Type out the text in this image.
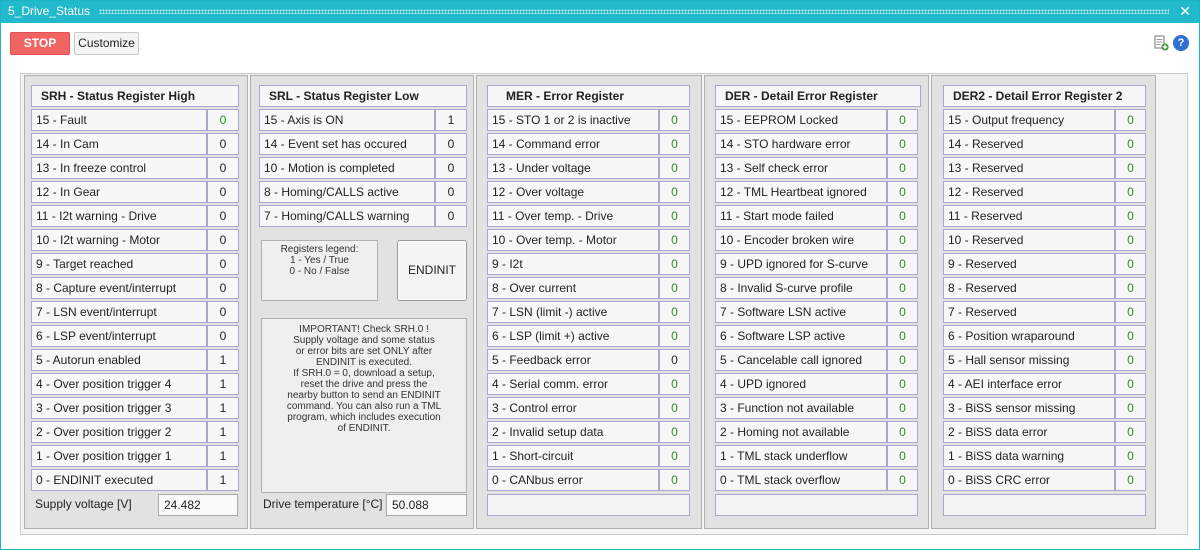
5_Drive_Status	✕
STOP	Customize	?
SRH - Status Register High
15 - Fault	0
14 - In Cam	0
13 - In freeze control	0
12 - In Gear	0
11 - I2t warning - Drive	0
10 - I2t warning - Motor	0
9 - Target reached	0
8 - Capture event/interrupt	0
7 - LSN event/interrupt	0
6 - LSP event/interrupt	0
5 - Autorun enabled	1
4 - Over position trigger 4	1
3 - Over position trigger 3	1
2 - Over position trigger 2	1
1 - Over position trigger 1	1
0 - ENDINIT executed	1
Supply voltage [V]	24.482
SRL - Status Register Low
15 - Axis is ON	1
14 - Event set has occured	0
10 - Motion is completed	0
8 - Homing/CALLS active	0
7 - Homing/CALLS warning	0
Registers legend:
1 - Yes / True
0 - No / False	ENDINIT
IMPORTANT! Check SRH.0 !
Supply voltage and some status
or error bits are set ONLY after
ENDINIT is executed.
If SRH.0 = 0, download a setup,
reset the drive and press the
nearby button to send an ENDINIT
command. You can also run a TML
program, which includes execution
of ENDINIT.
Drive temperature [°C] 50.088
MER - Error Register
15 - STO 1 or 2 is inactive	0
14 - Command error	0
13 - Under voltage	0
12 - Over voltage	0
11 - Over temp. - Drive	0
10 - Over temp. - Motor	0
9 - I2t	0
8 - Over current	0
7 - LSN (limit -) active	0
6 - LSP (limit +) active	0
5 - Feedback error	0
4 - Serial comm. error	0
3 - Control error	0
2 - Invalid setup data	0
1 - Short-circuit	0
0 - CANbus error	0
DER - Detail Error Register
15 - EEPROM Locked	0
14 - STO hardware error	0
13 - Self check error	0
12 - TML Heartbeat ignored	0
11 - Start mode failed	0
10 - Encoder broken wire	0
9 - UPD ignored for S-curve	0
8 - Invalid S-curve profile	0
7 - Software LSN active	0
6 - Software LSP active	0
5 - Cancelable call ignored	0
4 - UPD ignored	0
3 - Function not available	0
2 - Homing not available	0
1 - TML stack underflow	0
0 - TML stack overflow	0
DER2 - Detail Error Register 2
15 - Output frequency	0
14 - Reserved	0
13 - Reserved	0
12 - Reserved	0
11 - Reserved	0
10 - Reserved	0
9 - Reserved	0
8 - Reserved	0
7 - Reserved	0
6 - Position wraparound	0
5 - Hall sensor missing	0
4 - AEI interface error	0
3 - BiSS sensor missing	0
2 - BiSS data error	0
1 - BiSS data warning	0
0 - BiSS CRC error	0
